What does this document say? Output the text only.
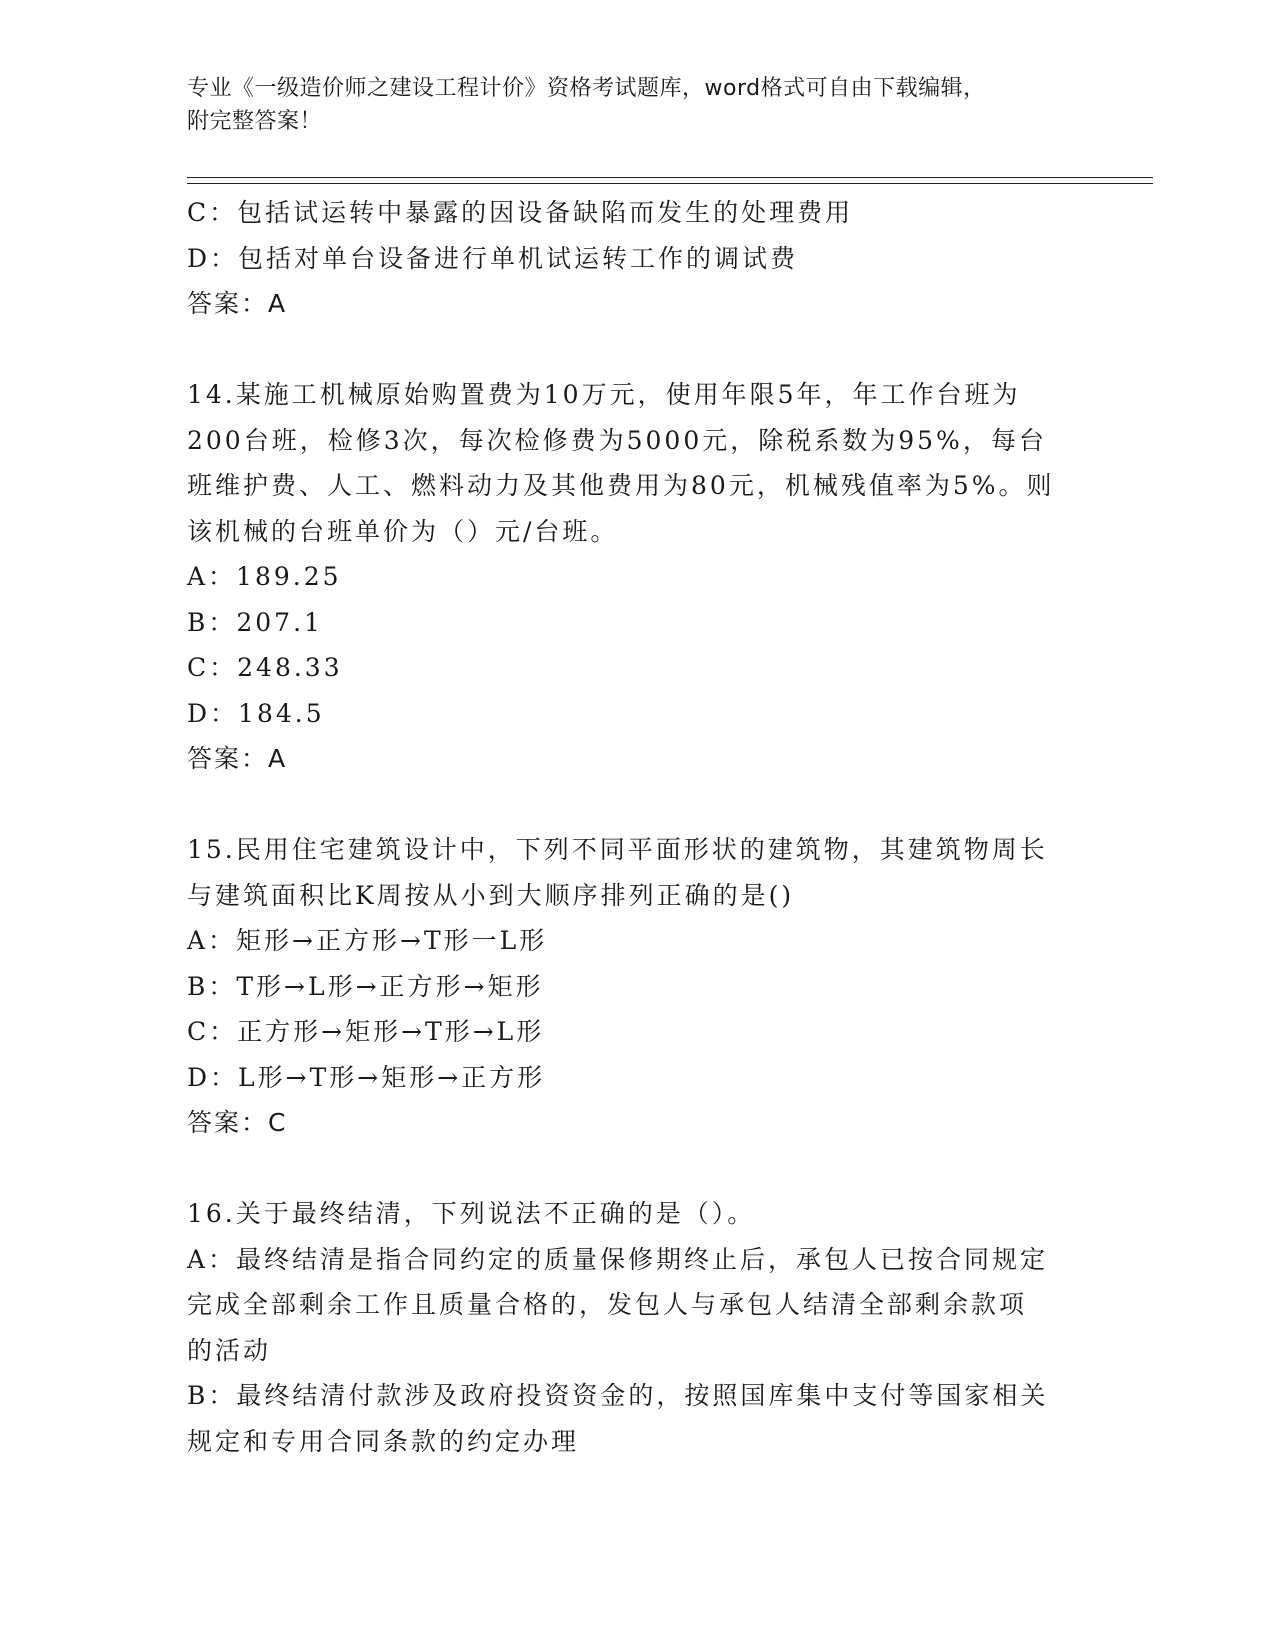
专业《一级造价师之建设工程计价》资格考试题库，word格式可自由下载编辑，
附完整答案！
C：包括试运转中暴露的因设备缺陷而发生的处理费用
D：包括对单台设备进行单机试运转工作的调试费
答案：A
14.某施工机械原始购置费为10万元，使用年限5年，年工作台班为
200台班，检修3次，每次检修费为5000元，除税系数为95%，每台
班维护费、人工、燃料动力及其他费用为80元，机械残值率为5%。则
该机械的台班单价为（）元/台班。
A：189.25
B：207.1
C：248.33
D：184.5
答案：A
15.民用住宅建筑设计中，下列不同平面形状的建筑物，其建筑物周长
与建筑面积比K周按从小到大顺序排列正确的是()
A：矩形→正方形→T形一L形
B：T形→L形→正方形→矩形
C：正方形→矩形→T形→L形
D：L形→T形→矩形→正方形
答案：C
16.关于最终结清，下列说法不正确的是（）。
A：最终结清是指合同约定的质量保修期终止后，承包人已按合同规定
完成全部剩余工作且质量合格的，发包人与承包人结清全部剩余款项
的活动
B：最终结清付款涉及政府投资资金的，按照国库集中支付等国家相关
规定和专用合同条款的约定办理
